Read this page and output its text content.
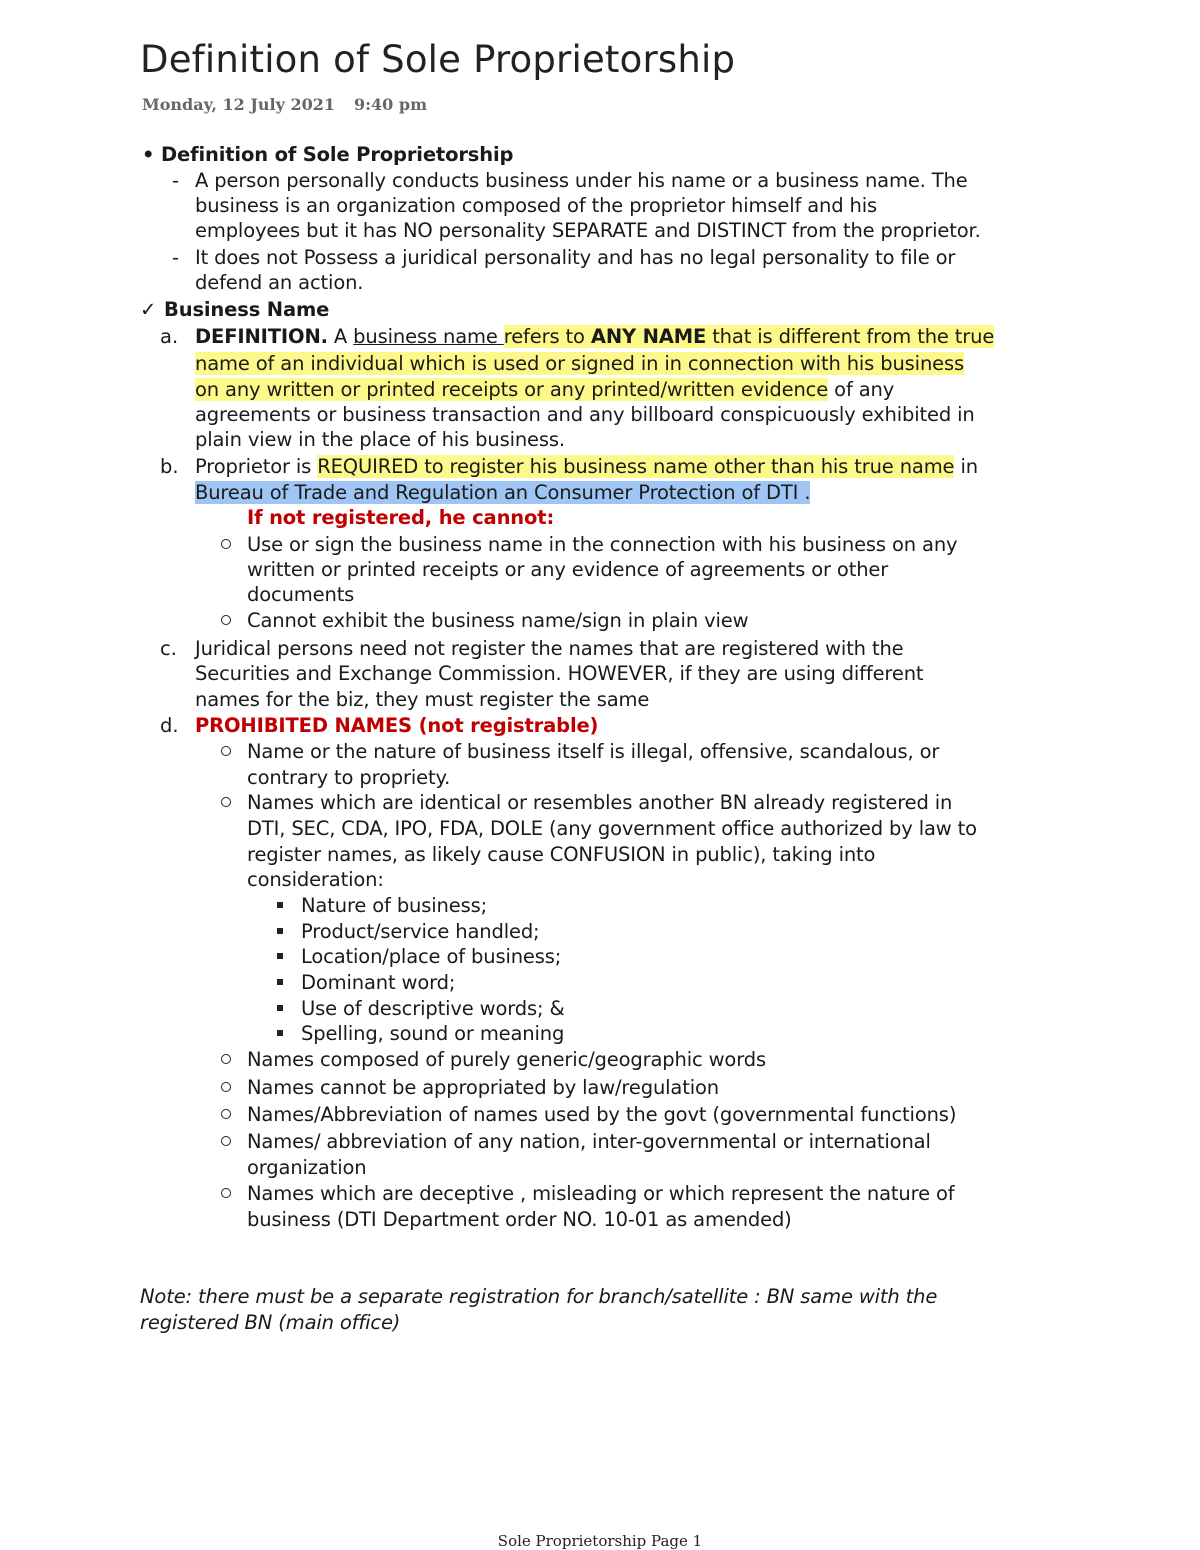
Definition of Sole Proprietorship
Monday, 12 July 2021 9:40 pm
• Definition of Sole Proprietorship
- A person personally conducts business under his name or a business name. The
business is an organization composed of the proprietor himself and his
employees but it has NO personality SEPARATE and DISTINCT from the proprietor.
- It does not Possess a juridical personality and has no legal personality to file or
defend an action.
✓ Business Name
a. DEFINITION. A business name refers to ANY NAME that is different from the true
name of an individual which is used or signed in in connection with his business
on any written or printed receipts or any printed/written evidence of any
agreements or business transaction and any billboard conspicuously exhibited in
plain view in the place of his business.
b. Proprietor is REQUIRED to register his business name other than his true name in
Bureau of Trade and Regulation an Consumer Protection of DTI .
If not registered, he cannot:
Use or sign the business name in the connection with his business on any
written or printed receipts or any evidence of agreements or other
documents
Cannot exhibit the business name/sign in plain view
c. Juridical persons need not register the names that are registered with the
Securities and Exchange Commission. HOWEVER, if they are using different
names for the biz, they must register the same
d. PROHIBITED NAMES (not registrable)
Name or the nature of business itself is illegal, offensive, scandalous, or
contrary to propriety.
Names which are identical or resembles another BN already registered in
DTI, SEC, CDA, IPO, FDA, DOLE (any government office authorized by law to
register names, as likely cause CONFUSION in public), taking into
consideration:
Nature of business;
Product/service handled;
Location/place of business;
Dominant word;
Use of descriptive words; &
Spelling, sound or meaning
Names composed of purely generic/geographic words
Names cannot be appropriated by law/regulation
Names/Abbreviation of names used by the govt (governmental functions)
Names/ abbreviation of any nation, inter-governmental or international
organization
Names which are deceptive , misleading or which represent the nature of
business (DTI Department order NO. 10-01 as amended)
Note: there must be a separate registration for branch/satellite : BN same with the
registered BN (main office)
Sole Proprietorship Page 1
